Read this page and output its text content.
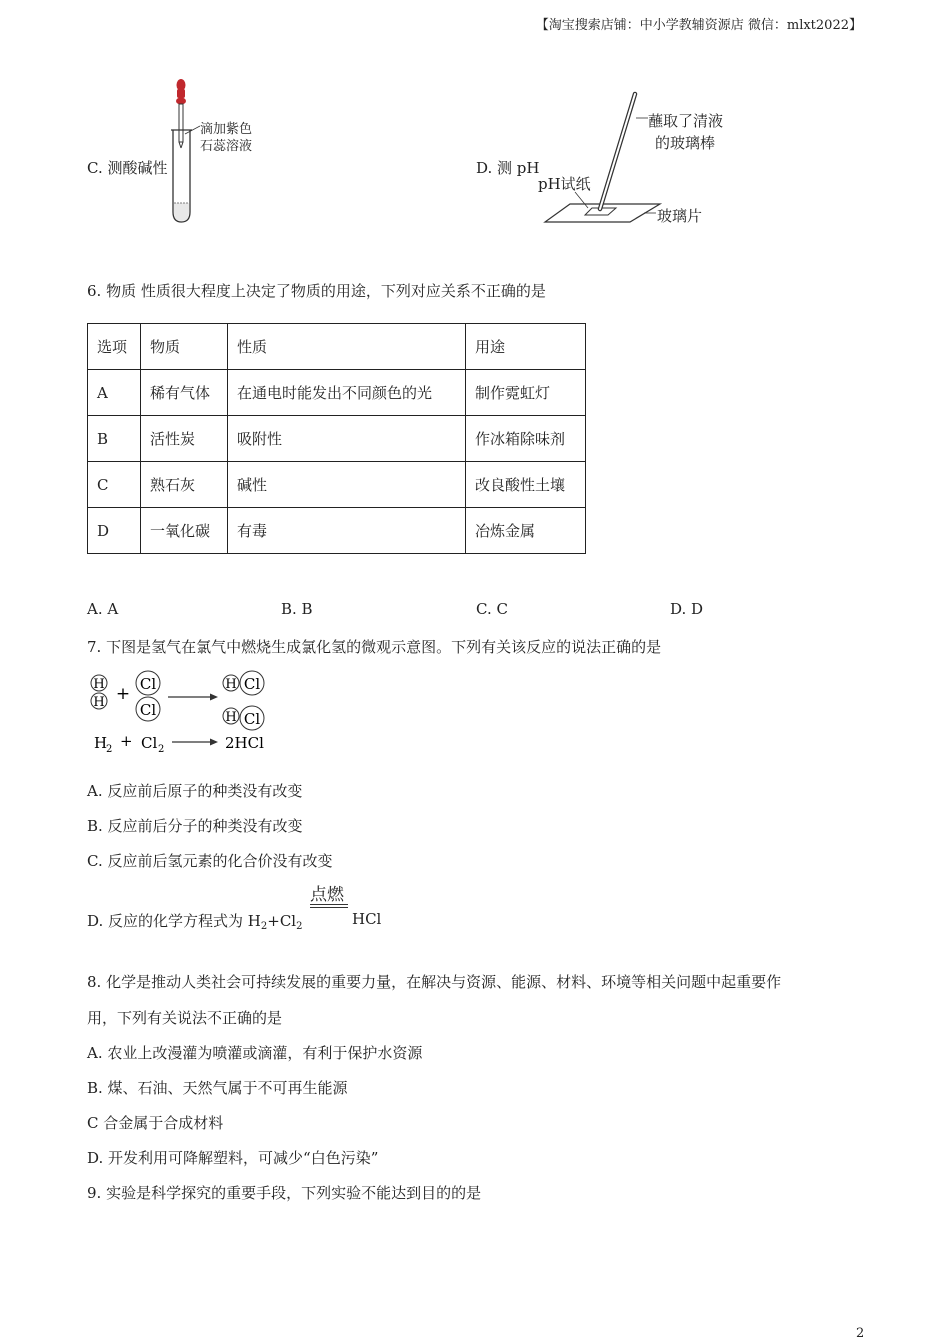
【淘宝搜索店铺：中小学教辅资源店 微信：mlxt2022】
C. 测酸碱性
滴加紫色
石蕊溶液
D. 测 pH
蘸取了清液
的玻璃棒
pH试纸
玻璃片
6. 物质 性质很大程度上决定了物质的用途，下列对应关系不正确的是
选项	物质	性质	用途
A	稀有气体	在通电时能发出不同颜色的光	制作霓虹灯
B	活性炭	吸附性	作冰箱除味剂
C	熟石灰	碱性	改良酸性土壤
D	一氧化碳	有毒	冶炼金属
A. A	B. B	C. C	D. D
7. 下图是氢气在氯气中燃烧生成氯化氢的微观示意图。下列有关该反应的说法正确的是
H
H + Cl
Cl
H Cl
H Cl
H
2 + Cl 2	2HCl
A. 反应前后原子的种类没有改变
B. 反应前后分子的种类没有改变
C. 反应前后氢元素的化合价没有改变
D. 反应的化学方程式为 $H_2+Cl_2$
点燃
HCl
8. 化学是推动人类社会可持续发展的重要力量，在解决与资源、能源、材料、环境等相关问题中起重要作
用，下列有关说法不正确的是
A. 农业上改漫灌为喷灌或滴灌，有利于保护水资源
B. 煤、石油、天然气属于不可再生能源
C 合金属于合成材料
D. 开发利用可降解塑料，可减少“白色污染”
9. 实验是科学探究的重要手段，下列实验不能达到目的的是
2
